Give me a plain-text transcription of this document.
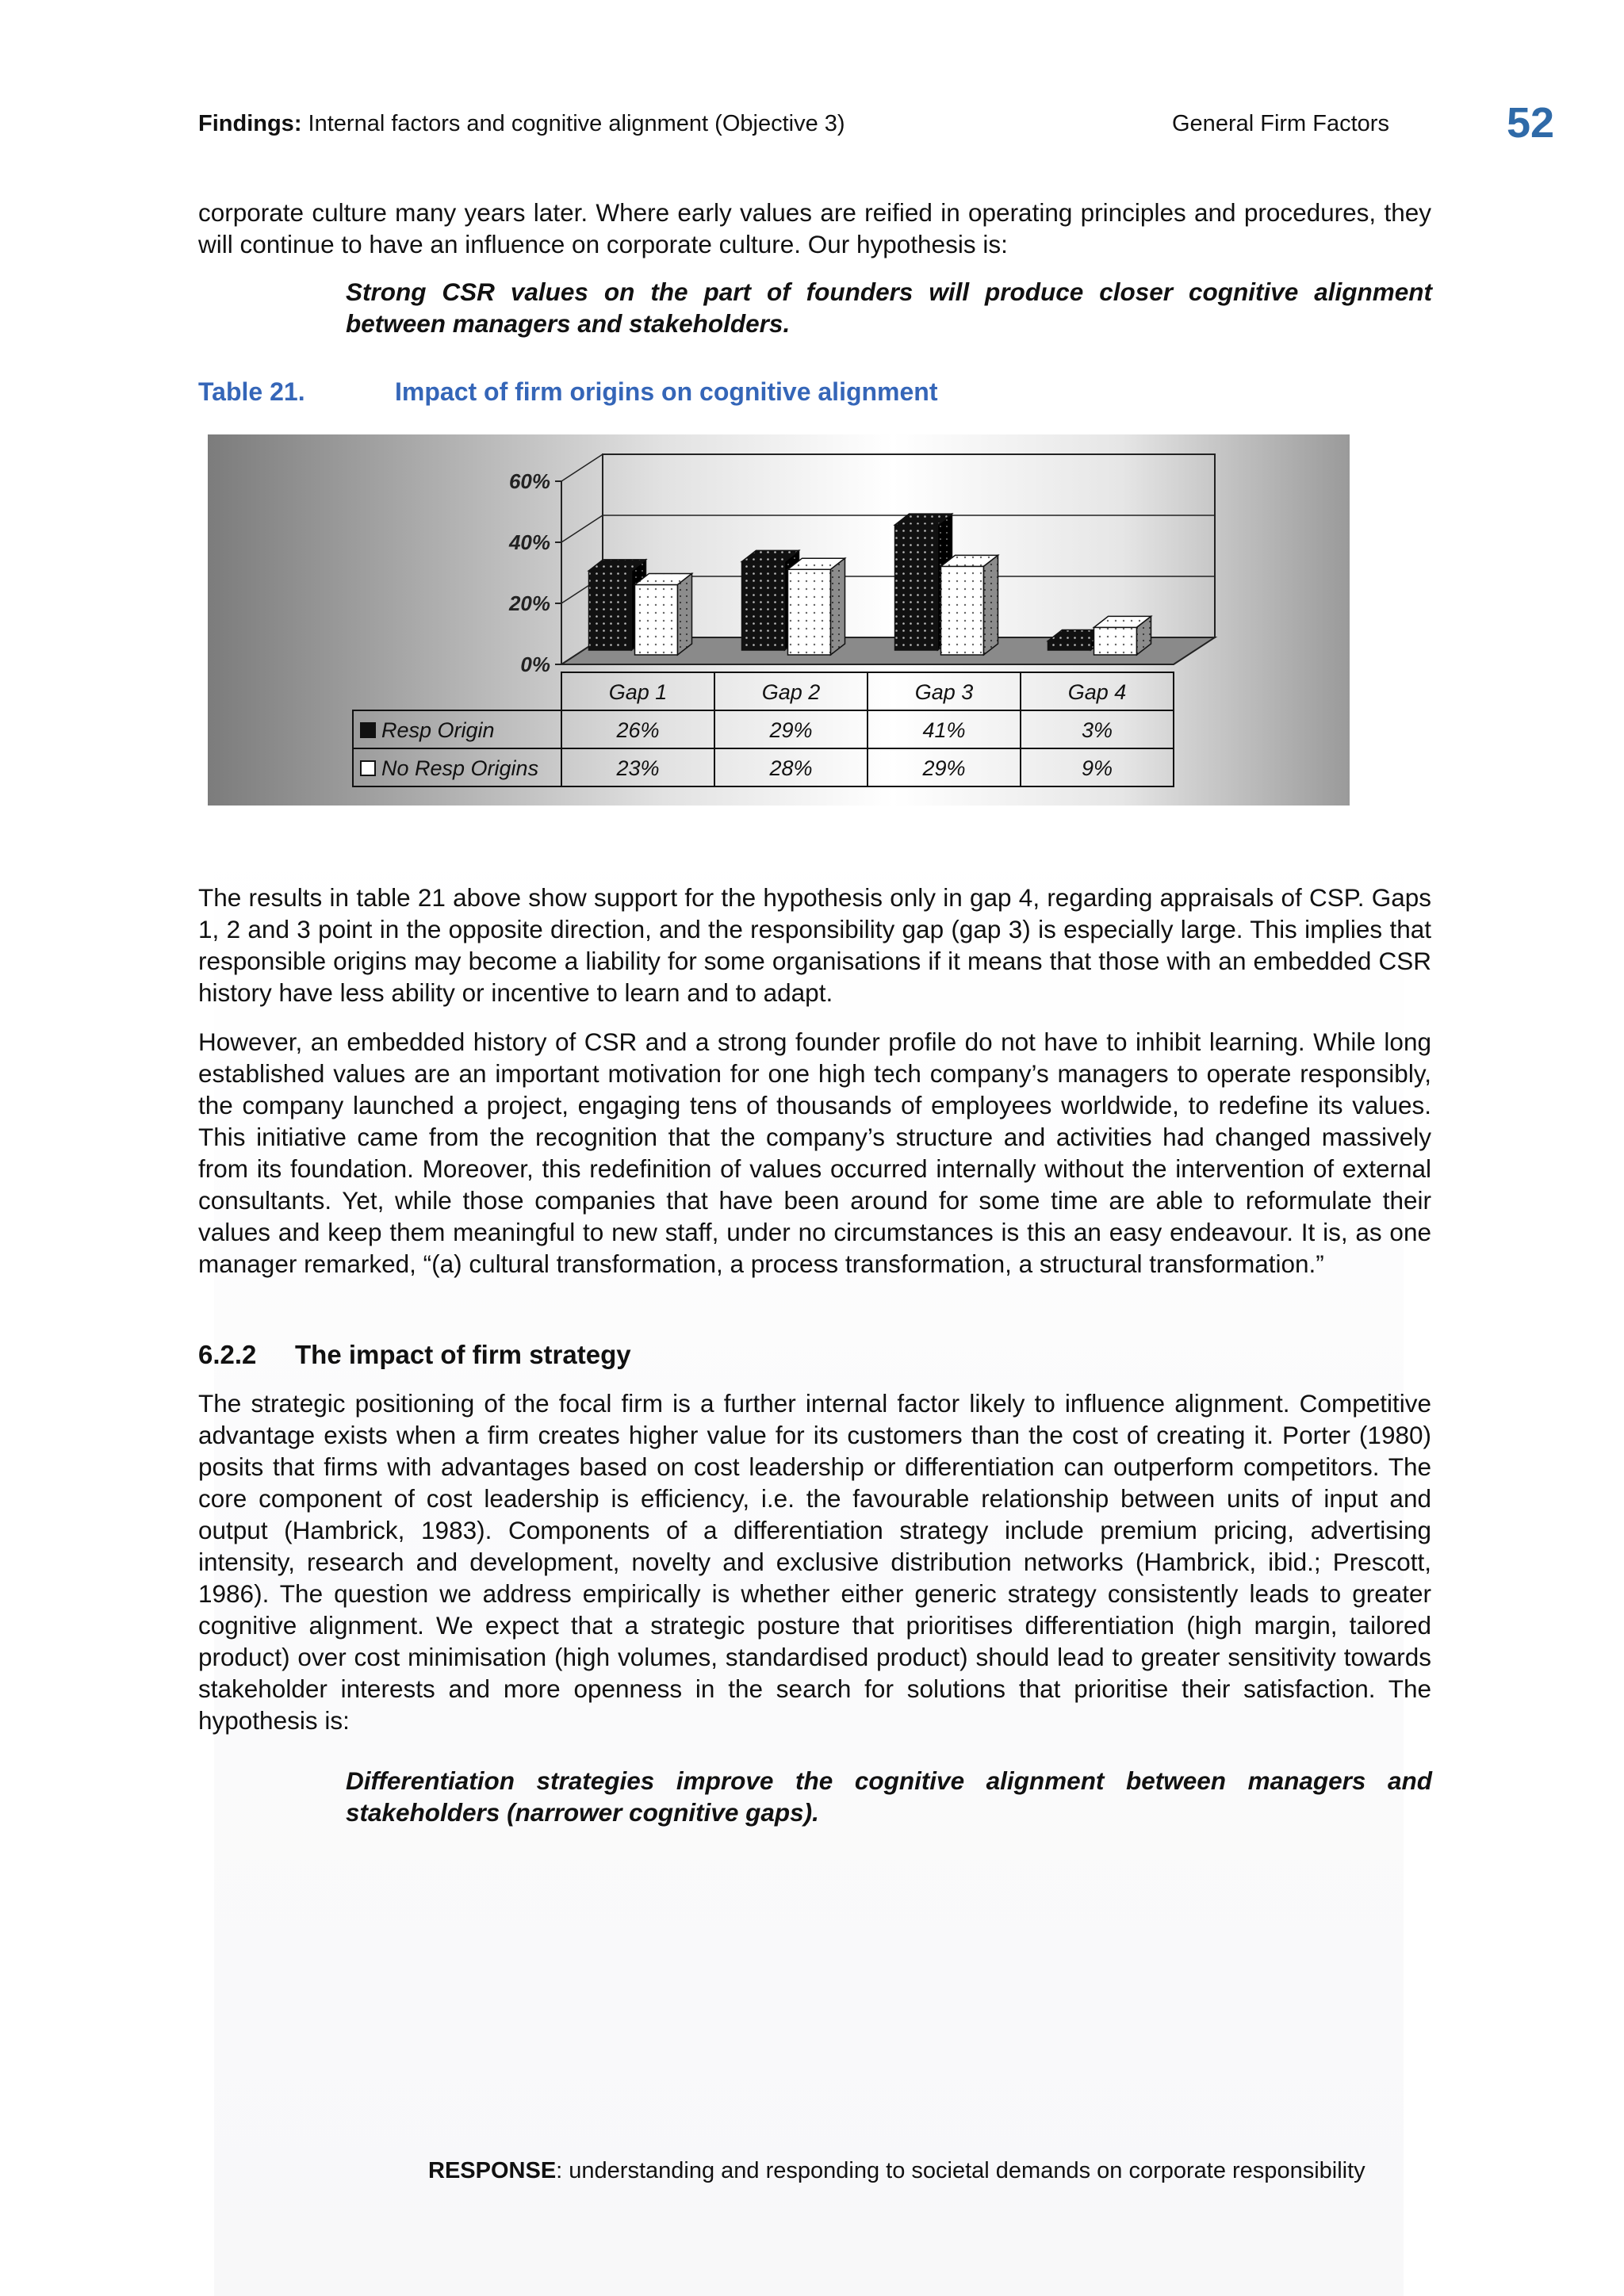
Findings: Internal factors and cognitive alignment (Objective 3)	General Firm Factors	52

corporate culture many years later. Where early values are reified in operating principles and procedures, they will continue to have an influence on corporate culture. Our hypothesis is:

Strong CSR values on the part of founders will produce closer cognitive alignment between managers and stakeholders.
Table 21.	Impact of firm origins on cognitive alignment
0%
20%
40%
60%
Gap 1	Gap 2	Gap 3	Gap 4
Resp Origin	26%	29%	41%	3%
No Resp Origins	23%	28%	29%	9%

The results in table 21 above show support for the hypothesis only in gap 4, regarding appraisals of CSP. Gaps 1, 2 and 3 point in the opposite direction, and the responsibility gap (gap 3) is especially large. This implies that responsible origins may become a liability for some organisations if it means that those with an embedded CSR history have less ability or incentive to learn and to adapt.

However, an embedded history of CSR and a strong founder profile do not have to inhibit learning. While long established values are an important motivation for one high tech company’s managers to operate responsibly, the company launched a project, engaging tens of thousands of employees worldwide, to redefine its values. This initiative came from the recognition that the company’s structure and activities had changed massively from its foundation. Moreover, this redefinition of values occurred internally without the intervention of external consultants. Yet, while those companies that have been around for some time are able to reformulate their values and keep them meaningful to new staff, under no circumstances is this an easy endeavour. It is, as one manager remarked, “(a) cultural transformation, a process transformation, a structural transformation.”

6.2.2 The impact of firm strategy

The strategic positioning of the focal firm is a further internal factor likely to influence alignment. Competitive advantage exists when a firm creates higher value for its customers than the cost of creating it. Porter (1980) posits that firms with advantages based on cost leadership or differentiation can outperform competitors. The core component of cost leadership is efficiency, i.e. the favourable relationship between units of input and output (Hambrick, 1983). Components of a differentiation strategy include premium pricing, advertising intensity, research and development, novelty and exclusive distribution networks (Hambrick, ibid.; Prescott, 1986). The question we address empirically is whether either generic strategy consistently leads to greater cognitive alignment. We expect that a strategic posture that prioritises differentiation (high margin, tailored product) over cost minimisation (high volumes, standardised product) should lead to greater sensitivity towards stakeholder interests and more openness in the search for solutions that prioritise their satisfaction. The hypothesis is:

Differentiation strategies improve the cognitive alignment between managers and stakeholders (narrower cognitive gaps).
RESPONSE: understanding and responding to societal demands on corporate responsibility
